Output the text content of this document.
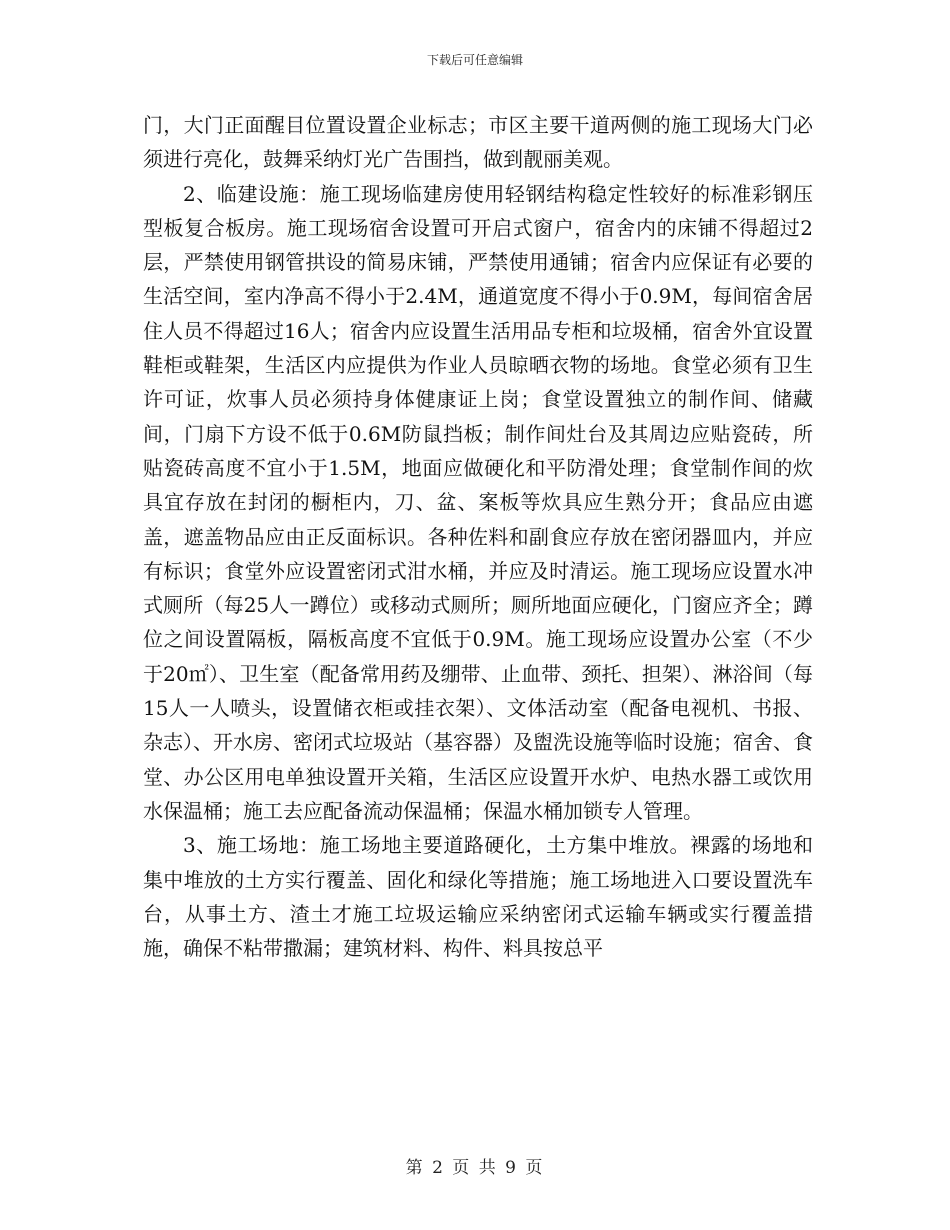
下载后可任意编辑

门，大门正面醒目位置设置企业标志；市区主要干道两侧的施工现场大门必须进行亮化，鼓舞采纳灯光广告围挡，做到靓丽美观。

2、临建设施：施工现场临建房使用轻钢结构稳定性较好的标准彩钢压型板复合板房。施工现场宿舍设置可开启式窗户，宿舍内的床铺不得超过2层，严禁使用钢管拱设的简易床铺，严禁使用通铺；宿舍内应保证有必要的生活空间，室内净高不得小于2.4M，通道宽度不得小于0.9M，每间宿舍居住人员不得超过16人；宿舍内应设置生活用品专柜和垃圾桶，宿舍外宜设置鞋柜或鞋架，生活区内应提供为作业人员晾晒衣物的场地。食堂必须有卫生许可证，炊事人员必须持身体健康证上岗；食堂设置独立的制作间、储藏间，门扇下方设不低于0.6M防鼠挡板；制作间灶台及其周边应贴瓷砖，所贴瓷砖高度不宜小于1.5M，地面应做硬化和平防滑处理；食堂制作间的炊具宜存放在封闭的橱柜内，刀、盆、案板等炊具应生熟分开；食品应由遮盖，遮盖物品应由正反面标识。各种佐料和副食应存放在密闭器皿内，并应有标识；食堂外应设置密闭式泔水桶，并应及时清运。施工现场应设置水冲式厕所（每25人一蹲位）或移动式厕所；厕所地面应硬化，门窗应齐全；蹲位之间设置隔板，隔板高度不宜低于0.9M。施工现场应设置办公室（不少于20㎡）、卫生室（配备常用药及绷带、止血带、颈托、担架）、淋浴间（每15人一人喷头，设置储衣柜或挂衣架）、文体活动室（配备电视机、书报、杂志）、开水房、密闭式垃圾站（基容器）及盥洗设施等临时设施；宿舍、食堂、办公区用电单独设置开关箱，生活区应设置开水炉、电热水器工或饮用水保温桶；施工去应配备流动保温桶；保温水桶加锁专人管理。

3、施工场地：施工场地主要道路硬化，土方集中堆放。裸露的场地和集中堆放的土方实行覆盖、固化和绿化等措施；施工场地进入口要设置洗车台，从事土方、渣土才施工垃圾运输应采纳密闭式运输车辆或实行覆盖措施，确保不粘带撒漏；建筑材料、构件、料具按总平

第 2 页 共 9 页
